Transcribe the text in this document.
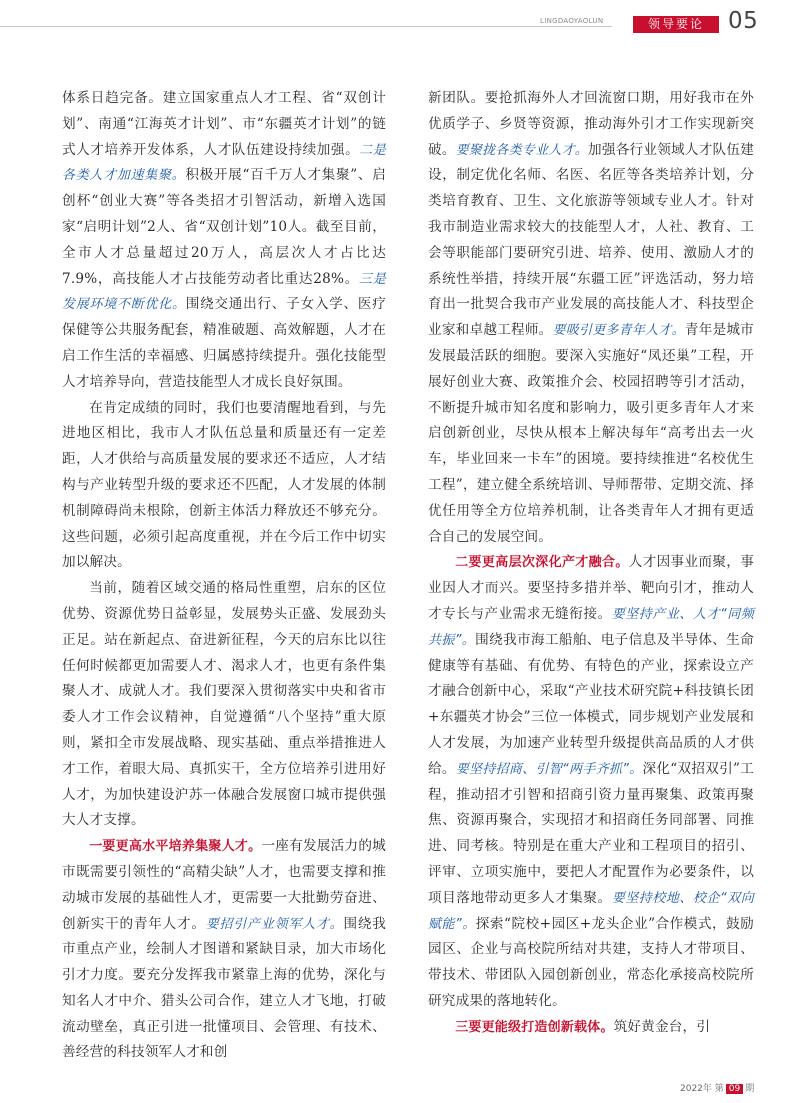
LINGDAOYAOLUN	领导要论	05

体系日趋完备。建立国家重点人才工程、省“双创计划”、南通“江海英才计划”、市“东疆英才计划”的链式人才培养开发体系，人才队伍建设持续加强。二是各类人才加速集聚。积极开展“百千万人才集聚”、启创杯“创业大赛”等各类招才引智活动，新增入选国家“启明计划”2人、省“双创计划”10人。截至目前，全市人才总量超过20万人，高层次人才占比达7.9%，高技能人才占技能劳动者比重达28%。三是发展环境不断优化。围绕交通出行、子女入学、医疗保健等公共服务配套，精准破题、高效解题，人才在启工作生活的幸福感、归属感持续提升。强化技能型人才培养导向，营造技能型人才成长良好氛围。

在肯定成绩的同时，我们也要清醒地看到，与先进地区相比，我市人才队伍总量和质量还有一定差距，人才供给与高质量发展的要求还不适应，人才结构与产业转型升级的要求还不匹配，人才发展的体制机制障碍尚未根除，创新主体活力释放还不够充分。这些问题，必须引起高度重视，并在今后工作中切实加以解决。

当前，随着区域交通的格局性重塑，启东的区位优势、资源优势日益彰显，发展势头正盛、发展劲头正足。站在新起点、奋进新征程，今天的启东比以往任何时候都更加需要人才、渴求人才，也更有条件集聚人才、成就人才。我们要深入贯彻落实中央和省市委人才工作会议精神，自觉遵循“八个坚持”重大原则，紧扣全市发展战略、现实基础、重点举措推进人才工作，着眼大局、真抓实干，全方位培养引进用好人才，为加快建设沪苏一体融合发展窗口城市提供强大人才支撑。

一要更高水平培养集聚人才。一座有发展活力的城市既需要引领性的“高精尖缺”人才，也需要支撑和推动城市发展的基础性人才，更需要一大批勤劳奋进、创新实干的青年人才。要招引产业领军人才。围绕我市重点产业，绘制人才图谱和紧缺目录，加大市场化引才力度。要充分发挥我市紧靠上海的优势，深化与知名人才中介、猎头公司合作，建立人才飞地，打破流动壁垒，真正引进一批懂项目、会管理、有技术、善经营的科技领军人才和创

新团队。要抢抓海外人才回流窗口期，用好我市在外优质学子、乡贤等资源，推动海外引才工作实现新突破。要聚拢各类专业人才。加强各行业领域人才队伍建设，制定优化名师、名医、名匠等各类培养计划，分类培育教育、卫生、文化旅游等领域专业人才。针对我市制造业需求较大的技能型人才，人社、教育、工会等职能部门要研究引进、培养、使用、激励人才的系统性举措，持续开展“东疆工匠”评选活动，努力培育出一批契合我市产业发展的高技能人才、科技型企业家和卓越工程师。要吸引更多青年人才。青年是城市发展最活跃的细胞。要深入实施好“凤还巢”工程，开展好创业大赛、政策推介会、校园招聘等引才活动，不断提升城市知名度和影响力，吸引更多青年人才来启创新创业，尽快从根本上解决每年“高考出去一火车，毕业回来一卡车”的困境。要持续推进“名校优生工程”，建立健全系统培训、导师帮带、定期交流、择优任用等全方位培养机制，让各类青年人才拥有更适合自己的发展空间。

二要更高层次深化产才融合。人才因事业而聚，事业因人才而兴。要坚持多措并举、靶向引才，推动人才专长与产业需求无缝衔接。要坚持产业、人才“同频共振”。围绕我市海工船舶、电子信息及半导体、生命健康等有基础、有优势、有特色的产业，探索设立产才融合创新中心，采取“产业技术研究院+科技镇长团+东疆英才协会”三位一体模式，同步规划产业发展和人才发展，为加速产业转型升级提供高品质的人才供给。要坚持招商、引智“两手齐抓”。深化“双招双引”工程，推动招才引智和招商引资力量再聚集、政策再聚焦、资源再聚合，实现招才和招商任务同部署、同推进、同考核。特别是在重大产业和工程项目的招引、评审、立项实施中，要把人才配置作为必要条件，以项目落地带动更多人才集聚。要坚持校地、校企“双向赋能”。探索“院校+园区+龙头企业”合作模式，鼓励园区、企业与高校院所结对共建，支持人才带项目、带技术、带团队入园创新创业，常态化承接高校院所研究成果的落地转化。

三要更能级打造创新载体。筑好黄金台，引

2022年 第 09 期
